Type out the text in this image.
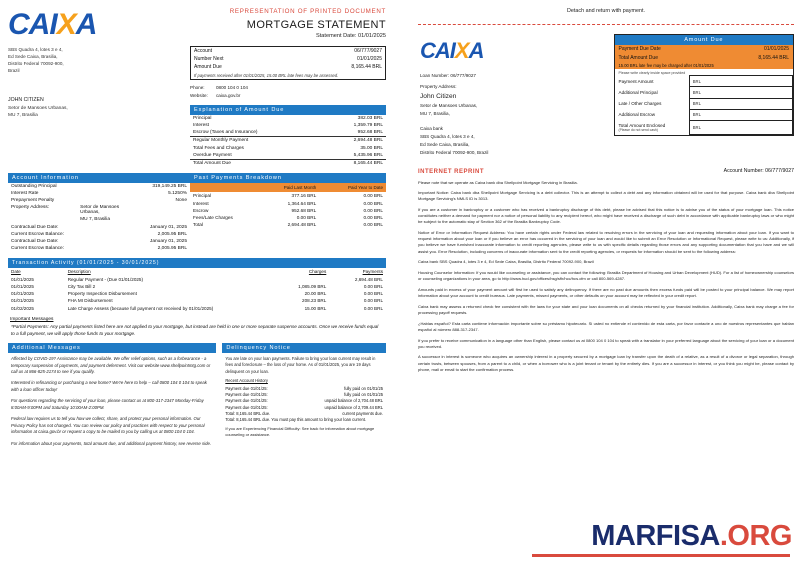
CAIXA	REPRESENTATION OF PRINTED DOCUMENT
MORTGAGE STATEMENT
Statement Date: 01/01/2025
SBS Quadra 4, lotes 3 e 4,
Ed Sede Caixa, Brasilia,
Distrito Federal 70092-900,
Brazil
JOHN CITIZEN
Setor de Mansoes Urbanas,
MU 7, Brasilia
Account	06/777/9027
Number Next	01/01/2025
Amount Due	8,165.44 BRL
If payments received after 01/01/2025, 15.00 BRL late fees may be assessed.	
Phone: 0800 104 0 104
Website: caixa.gov.br
Explanation of Amount Due
Principal	382.03 BRL
Interest	1,359.79 BRL
Escrow (Taxes and Insurance)	952.68 BRL
Regular Monthly Payment	2,694.48 BRL
Total Fees and Charges	35.00 BRL
Overdue Payment	5,435.96 BRL
Total Amount Due	8,165.44 BRL
Account Information
Outstanding Principal		319,149.25 BRL
Interest Rate		5.1250%
Prepayment Penalty		None
Property Address:	Setor de Mansoes Urbanas,	
	MU 7, Brasilia	
Contractual Due Date:		January 01, 2025
Current Escrow Balance:		2,005.95 BRL
Contractual Due Date:		January 01, 2025
Current Escrow Balance:		2,005.95 BRL
Past Payments Breakdown
	Paid Last Month	Paid Year to Date
Principal	377.16 BRL	0.00 BRL
Interest	1,364.64 BRL	0.00 BRL
Escrow	952.68 BRL	0.00 BRL
Fees/Late Charges	0.00 BRL	0.00 BRL
Total	2,694.48 BRL	0.00 BRL
Transaction Activity (01/01/2025 - 30/01/2025)
Date	Description	Charges	Payments
01/01/2025	Regular Payment - (Due 01/01/2025)		2,694.48 BRL
01/01/2025	City Tax Bill 2	1,085.09 BRL	0.00 BRL
01/01/2025	Property Inspection Disbursement	20.00 BRL	0.00 BRL
01/01/2025	FHA MI Disbursement	208.23 BRL	0.00 BRL
01/02/2025	Late Charge Assess (because full payment not received by 01/01/2025)	15.00 BRL	0.00 BRL
Important Messages
*Partial Payments: Any partial payments listed here are not applied to your mortgage, but instead are held in one or more separate suspense accounts. Once we receive funds equal to a full payment, we will apply those funds to your mortgage.
Additional Messages

Affected by COVID-19? Assistance may be available. We offer relief options, such as a forbearance - a temporary suspension of payments, and payment deferment. Visit our website www.shellpointmtg.com or call us at 866-825-2174 to see if you qualify.

Interested in refinancing or purchasing a new home? We're here to help – call 0800 104 0 104 to speak with a loan officer today!

For questions regarding the servicing of your loan, please contact us at 800-317-2347 Monday-Friday 8:00AM-9:00PM and Saturday 10:00AM-2:00PM.

Federal law requires us to tell you how we collect, share, and protect your personal information. Our Privacy Policy has not changed. You can review our policy and practices with respect to your personal information at caixa.gov.br or request a copy to be mailed to you by calling us at 0800 104 0 104.

For information about your payments, total amount due, and additional payment history, see reverse side.

Delinquency Notice
You are late on your loan payments. Failure to bring your loan current may result in fees and foreclosure – the loss of your home. As of 01/01/2025, you are 19 days delinquent on your loan.
Recent Account History
Payment due 01/01/25:	fully paid on 01/01/25
Payment due 01/01/25:	fully paid on 01/01/25
Payment due 01/01/25:	unpaid balance of 2,704.48 BRL
Payment due 01/01/25:	unpaid balance of 2,709.44 BRL
Total: 8,165.44 BRL due.	current payments due.
Total: 8,165.44 BRL due. You must pay this amount to bring your loan current.
If you are Experiencing Financial Difficulty: See back for information about mortgage counseling or assistance.
Detach and return with payment.
CAIXA
Loan Number: 06/777/9027
Property Address:
John Citizen
Setor de Mansoes Urbanas,
MU 7, Brasilia,
Caixa bank
SBS Quadra 4, lotes 3 e 4,
Ed Sede Caixa, Brasilia,
Distrito Federal 70092-900, Brazil
Amount Due
Payment Due Date	01/01/2025
Total Amount Due	8,165.44 BRL
15.00 BRL late fee may be charged after 01/01/2025	
Please write clearly inside space provided
Payment Amount	BRL
Additional Principal	BRL
Late / Other Charges	BRL
Additional Escrow	BRL
Total Amount Enclosed
(Please do not send cash)	BRL
INTERNET REPRINT	Account Number: 06/777/9027

Please note that we operate as Caixa bank dba Shellpoint Mortgage Servicing in Brasilia.

Important Notice: Caixa bank dba Shellpoint Mortgage Servicing is a debt collector. This is an attempt to collect a debt and any information obtained will be used for that purpose. Caixa bank dba Shellpoint Mortgage Servicing's NMLS ID is 3013.

If you are a customer in bankruptcy or a customer who has received a bankruptcy discharge of this debt, please be advised that this notice is to advise you of the status of your mortgage loan. This notice constitutes neither a demand for payment nor a notice of personal liability to any recipient hereof, who might have received a discharge of such debt in accordance with applicable bankruptcy laws or who might be subject to the automatic stay of Section 362 of the Brasilia Bankruptcy Code.

Notice of Error or Information Request Address: You have certain rights under Federal law related to resolving errors in the servicing of your loan and requesting information about your loan. If you want to request information about your loan or if you believe an error has occurred in the servicing of your loan and would like to submit an Error Resolution or Informational Request, please write to us: Additionally, if you believe we have furnished inaccurate information to credit reporting agencies, please write to us with specific details regarding those errors and any supporting documentation that you have and we will assist you. Error Resolution, including concerns of inaccurate information sent to the credit reporting agencies, or requests for information should be sent to the following address:

Caixa bank SBS Quadra 4, lotes 3 e 4, Ed Sede Caixa, Brasilia, Distrito Federal 70092-900, Brazil

Housing Counselor Information: If you would like counseling or assistance, you can contact the following: Brasilia Department of Housing and Urban Development (HUD). For a list of homeownership counselors or counseling organizations in your area, go to http://www.hud.gov/offices/hsg/sfh/hcc/hcs.cfm or call 800-569-4287.

Amounts paid in excess of your payment amount will first be used to satisfy any delinquency. If there are no past due amounts then excess funds paid will be posted to your principal balance. We may report information about your account to credit bureaus. Late payments, missed payments, or other defaults on your account may be reflected in your credit report.

Caixa bank may assess a returned check fee consistent with the laws for your state and your loan documents on all checks returned by your financial institution. Additionally, Caixa bank may charge a fee for processing payoff requests.

¿Hablas español? Esta carta contiene información importante sobre su préstamo hipotecario. Si usted no entiende el contenido de esta carta, por favor contacte a uno de nuestros representantes que hablan español al número 888-317-2347.

If you prefer to receive communication in a language other than English, please contact us at 0800 104 0 104 to speak with a translator in your preferred language about the servicing of your loan or a document you received.

A successor in interest is someone who acquires an ownership interest in a property secured by a mortgage loan by transfer upon the death of a relative, as a result of a divorce or legal separation, through certain trusts, between spouses, from a parent to a child, or when a borrower who is a joint tenant or tenant by the entirety dies. If you are a successor in interest, or you think you might be, please contact by phone, mail or email to start the confirmation process.

MARFISA.ORG
